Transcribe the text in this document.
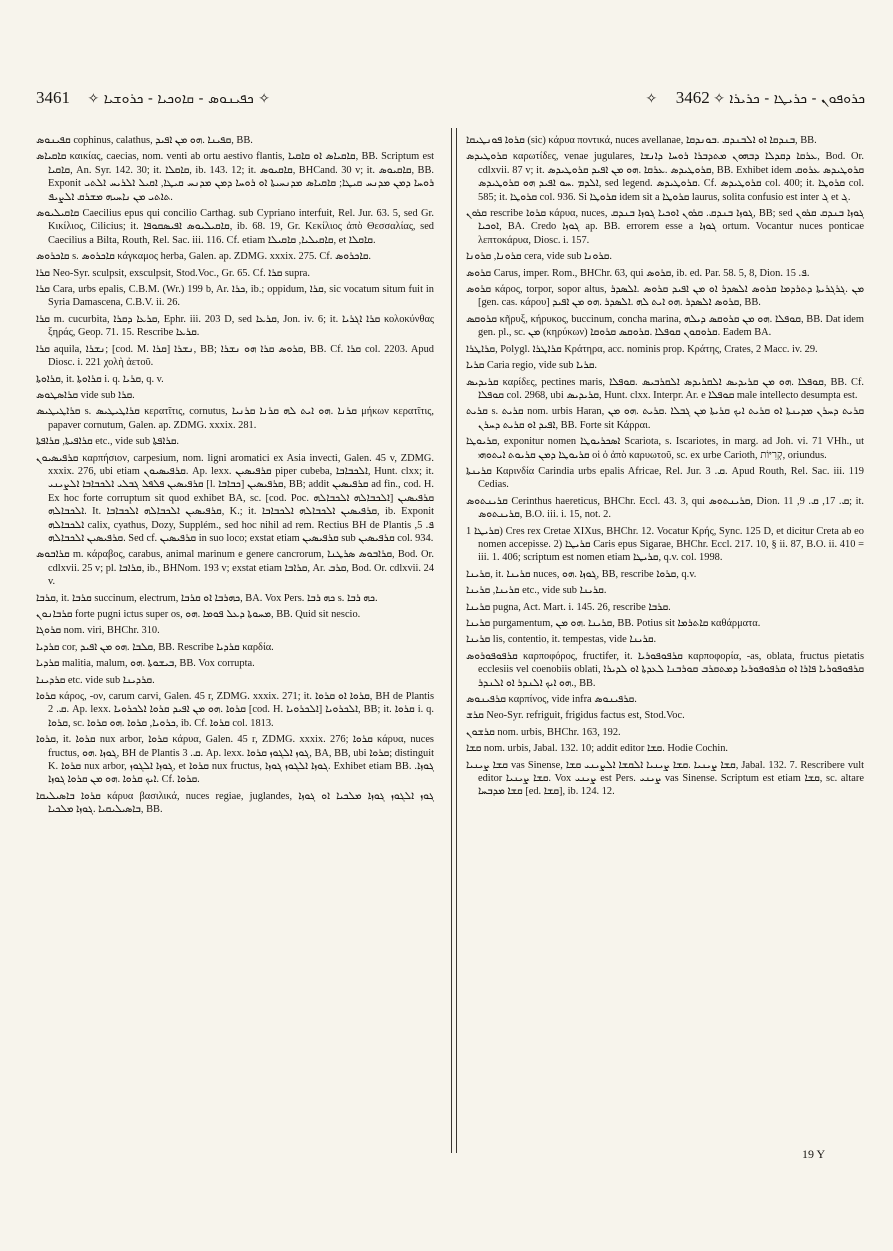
3461 ✧ ܟܦܝܢܘܣ - ܩܐܘܟܝܐ - ܟܪܘܫܝܐ ✧	✧ ܟܪܘܦܘܢ - ܟܪܝܛܐ - ܟܪܝܪܐ ✧ 3462

ܩܦܝܢܘܣ cophinus, calathus, ܩܦܝܢܐ .ܗܘ ܡܢ ܐܦܝܕ, BB.

ܩܐܩܝܐܣ καικίας, caecias, nom. venti ab ortu aestivo flantis, ܩܐܩܝܐܣ ܐܘ ܩܐܩܝܐ, BB. Scriptum est ܩܐܩܝܐ, An. Syr. 142. 30; it. ܩܐܩܠܐ, ib. 143. 12; it. ܩܐܩܝܘܣ, BHCand. 30 v; it. ܩܐܩܝܘܣ, BB. Exponit ܪܘܚܐ ܕܡܢ ܡܕܢܚ ܩܝܛܐ; ܩܐܩܝܐܣ ܡܕܢܚܝܬܐ ܐܘ ܪܘܚܐ ܕܡܢ ܡܕܢܚ ܩܝܛܐ, ܐܩܝܠ ܐܠܪܝܚ ܐܠܬܝ ܬܐܬܝ ܡܢ ܢܐܚܝܗ ܡܫܪܩ ܐܠܨܝܦ.

ܩܐܩܝܠܝܘܣ Caecilius epus qui concilio Carthag. sub Cypriano interfuit, Rel. Jur. 63. 5, sed Gr. Κικίλιος, Cilicius; it. ܩܐܩܝܠܝܘܣ ܐܦܝܣܩܘܦܐ, ib. 68. 19, Gr. Κεκίλιος ἀπὸ Θεσσαλίας, sed Caecilius a Bilta, Routh, Rel. Sac. iii. 116. Cf. etiam ܩܐܩܝܠܝܐ, ܩܐܩܝܠܐ, et ܩܐܩܠܐ.

ܩܐܟܪܘܣ s. ܩܐܟܪܘܣ κάγκαμος herba, Galen. ap. ZDMG. xxxix. 275. Cf. ܩܐܟܪܘܣ.

ܩܪܐ Neo-Syr. sculpsit, exsculpsit, Stod.Voc., Gr. 65. Cf. ܩܪܐ supra.

ܩܪܐ Cara, urbs epalis, C.B.M. (Wr.) 199 b, Ar. ܟܪܐ, ib.; oppidum, ܩܪܐ, sic vocatum situm fuit in Syria Damascena, C.B.V. ii. 26.

ܩܪܐ m. cucurbita, ܩܪܥܐ ܕܩܪܐ, Ephr. iii. 203 D, sed ܩܪܥܐ, Jon. iv. 6; it. ܩܪܐ ܐܓܪܝܐ κολοκύνθας ξηράς, Geop. 71. 15. Rescribe ܩܪܥܐ.

ܩܪܐ aquila, ܢܫܪܐ; [cod. M. ܩܪܐ] ܢܫܪܐ, BB; ܩܪܘܣ ܩܪܐ ܗܘ ܢܫܪܐ, BB. Cf. ܩܪܐ col. 2203. Apud Diosc. i. 221 χολὴ ἀετοῦ.

ܩܪܐܘܬܐ, it. ܩܪܐܘܬܐ i. q. ܩܪܝܐ, q. v.

ܩܪܐܣܛܘܣ vide sub ܩܪܐ.

ܩܪܐܛܝܛܝܣ s. ܩܪܐܛܝܛܝܣ κερατῖτις, cornutus, ܩܪܢܐ .ܗܘ ܐܝܬ ܠܗ ܩܪܢܐ ܩܪܢܝܐ μήκων κερατῖτις, papaver cornutum, Galen. ap. ZDMG. xxxix. 281.

ܩܪܐܦܝܬܐ, ܩܪܐܦܬܐ etc., vide sub ܩܪܐܦܬܐ.

ܩܪܦܝܣܝܘܢ καρπήσιον, carpesium, nom. ligni aromatici ex Asia invecti, Galen. 45 v, ZDMG. xxxix. 276, ubi etiam ܩܪܦܝܣܝܘܢ. Ap. lexx. ܩܪܦܝܣܝܢ piper cubeba, ܐܠܟܒܐܒܐ, Hunt. clxx; it. ܩܪܦܝܣܝܢ ܦܠܦܠ ܓܒܠܝ ܐܠܟܒܐܒܐ ܐܠܨܝܢܝ [l. ܟܒܐܒܐ] ܩܪܦܝܣܝܢ, BB; addit ܩܪܦܝܣܝܢ ad fin., cod. H. Ex hoc forte corruptum sit quod exhibet BA, sc. [cod. Poc. ܐܠܟܒܐܠܗ ܐܠܟܒܐܠܗ] ܩܪܦܝܣܝܢ ܐܠܟܒܐܠܗ. It. ܩܪܦܝܣܝܢ ܐܠܟܒܐܠܗ ܐܠܟܒܐܒܐ, K.; it. ܩܪܦܝܣܝܢ ܐܠܟܒܐܠܗ ܐܠܟܒܐܒܐ, ib. Exponit ܐܠܟܒܐܠܗ calix, cyathus, Dozy, Supplém., sed hoc nihil ad rem. Rectius BH de Plantis ܦ. 5, ܩܪܦܝܣܝܢ ܐܠܟܒܐܠܗ. Sed cf. ܩܪܦܝܣܝܢ in suo loco; exstat etiam ܩܪܦܝܣܝܢ sub ܩܪܦܝܣܝܢ col. 934.

ܩܪܐܒܘܣ m. κάραβος, carabus, animal marinum e genere cancrorum, ܩܪܐܒܘܣ ܣܪܛܢܐ, Bod. Or. cdlxvii. 25 v; pl. ܩܪܐܒܐ, ib., BHNom. 193 v; exstat etiam ܩܪܐܒܐ, Ar. ܩܪܒ, Bod. Or. cdlxvii. 24 v.

ܩܪܒܐ, it. ܩܪܒܐ succinum, electrum, ܟܗܪܒܐ ܐܘ ܩܪܒܐ, BA. Vox Pers. ܟܗ ܪܒܐ s. ܟܗ ܪܒܐ.

ܩܪܒܐܢܘܢ forte pugni ictus super os, ܡܚܘܬܐ ܕܥܠ ܦܘܡܐ .ܗܘ, BB. Quid sit nescio.

ܩܪܘܓܐ nom. viri, BHChr. 310.

ܩܪܕܝܐ cor, ܩܠܒܐ .ܗܘ ܡܢ ܐܦܝܕ, BB. Rescribe ܩܪܕܝܐ καρδία.

ܩܪܕܝܐ malitia, malum, ܒܝܫܘܬܐ .ܗܘ, BB. Vox corrupta.

ܩܪܕܝܢܐ etc. vide sub ܩܪܕܝܢܐ.

ܩܪܘܐ κάρος, -ον, carum carvi, Galen. 45 r, ZDMG. xxxix. 271; it. ܩܪܘܐ ܐܘ ܩܪܘܐ, BH de Plantis ܩ. 2. Ap. lexx. ܩܪܘܐ .ܗܘ ܡܢ ܐܦܝܕ ܩܪܘܐ ܐܠܟܪܘܝܐ [cod. H. ܐܠܟܪܘܝܐ] ܐܠܟܪܘܝܐ, BB; it. ܩܪܘܐ i. q. ܩܪܘܐ, sc. ܟܪܘܝܐ, ܩܪܘܐ .ܗܘ ܩܪܘܐ, ib. Cf. ܩܪܘܐ col. 1813.

ܩܪܘܐ, it. ܩܪܘܐ nux arbor, ܩܪܘܐ κάρυα, Galen. 45 r, ZDMG. xxxix. 276; ܩܪܘܐ κάρυα, nuces fructus, ܓܘܙܐ .ܗܘ, BH de Plantis ܩ. 3. Ap. lexx. ܓܘܙ ܐܠܓܘܙ ܩܪܘܐ, BA, BB, ubi ܩܪܘܐ; distinguit K. ܩܪܘܐ nux arbor, ܓܘܙܐ ܐܠܓܘܙ, et ܩܪܘܐ nux fructus, ܓܘܙܐ ܐܠܓܘܙ ܓܘܙܐ. Exhibet etiam BB. .ܓܘܙܐ ܐܝܟ ܩܪܘܐ .ܗܘ ܡܢ ܩܪܘܐ ܓܘܙܐ. Cf. ܩܪܘܐ.

ܩܪܘܐ ܒܐܣܝܠܝܩܐ κάρυα βασιλικά, nuces regiae, juglandes, ܓܘܙ ܐܠܓܘܙ ܓܘܙܐ ܡܠܟܝܐ ܐܘ ܓܘܙܐ ܒܐܣܝܠܝܩܝܐ .ܓܘܙܐ ܡܠܟܝܐ, BB.

ܩܪܘܐ ܦܘܢܛܝܩܐ (sic) κάρυα ποντικά, nuces avellanae, ܒܢܕܩܐ ܐܘ ܐܠܒܢܕܩ .ܒܘܢܕܩܐ, BB.

ܩܪܘܛܝܕܣ καρωτίδες, venae jugulares, ܥܪܩܐ ܕܩܕܠܐ ܕܒܗܘܢ ܡܬܕܒܪܐ ܪܘܚܐ ܕܐܢܫܐ, Bod. Or. cdlxvii. 87 v; it. ܩܪܘܛܝܕܣ .ܥܪܩܐ .ܗܘ ܡܢ ܐܦܝܕ ܩܪܘܛܝܕܣ, BB. Exhibet idem ܩܪܘܛܝܕܣ ܥܪܘܩ ܐܠܕܡ .ܚܘ ܐܦܝܕ ܗܘ ܩܪܘܛܝܕܣ, sed legend. ܩܪܘܛܝܕܣ. Cf. ܩܪܘܛܝܕܣ col. 400; it. ܩܪܘܛܐ col. 585; it. ܩܪܘܛܐ col. 936. Si ܩܪܘܛܐ idem sit a ܩܪܘܛܐ laurus, solita confusio est inter ܓ et ܓ.

ܩܪܘܢ rescribe ܩܪܘܐ κάρυα, nuces, ܓܘܙܐ ܒܢܕܩ. ܩܪܘܢ ܐܘܟܝܐ ܓܘܙܐ ܒܢܕܩ, BB; sed ܓܘܙܐ ܒܢܕܩ ܩܪܘܢ ܐܘܟܝܐ, BA. Credo ܓܘܙܐ ap. BB. errorem esse a ܓܘܙܐ ortum. Vocantur nuces ponticae λεπτοκάρυα, Diosc. i. 157.

ܩܪܘܢܐ, ܩܪܘܢܐ cera, vide sub ܩܪܘܢܐ.

ܩܪܘܣ Carus, imper. Rom., BHChr. 63, qui ܩܪܘܣ, ib. ed. Par. 58. 5, 8, Dion. ܦ. 15.

ܩܪܘܣ κάρος, torpor, sopor altus, ܡܢ .ܓܪܓܪܝܬܐ ܕܬܪܕܡܐ ܩܪܘܣ ܐܠܣܕܪ ܐܘ ܡܢ ܐܦܝܕ ܩܪܘܣ .ܐܠܣܕܪ [gen. cas. κάρου] ܩܪܘܣ ܐܠܣܕܪ .ܗܘ ܐܝܬ ܠܗ .ܐܠܣܕܪ .ܗܘ ܡܢ ܐܦܝܕ, BB.

ܩܪܘܩܣ κῆρυξ, κήρυκος, buccinum, concha marina, ܩܘܦܠܐ .ܗܘ ܡܢ ܩܪܘܩܣ ܕܝܠܗ, BB. Dat idem gen. pl., sc. ܡܢ (κηρύκων) ܩܪܘܩܘܢ ܩܘܦܠܐ .ܩܪܘܩܣ ܩܪܘܩܐ. Eadem BA.

ܩܪܐܛܪܐ, Polygl. ܩܪܐܛܪܐ Κράτηρα, acc. nominis prop. Κράτης, Crates, 2 Macc. iv. 29.

ܩܪܝܐ Caria regio, vide sub ܩܪܝܐ.

ܩܪܝܕܝܣ καρίδες, pectines maris, ܩܘܦܠܐ .ܗܘ ܡܢ ܩܪܝܕܝܣ ܐܠܩܪܝܕܣ ܐܠܩܪܒܝܣ .ܩܘܦܠܐ, BB. Cf. ܩܘܦܠܐ col. 2968, ubi ܩܪܝܕܝܣ, Hunt. clxx. Interpr. Ar. e ܩܘܦܠܐ male intellecto desumpta est.

ܩܪܝܬ s. ܩܪܝܬ nom. urbis Haran, ܩܪܝܬ ܕܚܪܢ ܡܕܝܢܬܐ ܐܘ ܩܪܝܬ ܐܝܟ ܩܪܝܬܐ ܡܢ ܓܒܠܐ .ܩܪܝܬ .ܗܘ ܡܢ ܐܦܝܕ ܐܘ ܩܪܝܬ ܕܚܪܢ, BB. Forte sit Κάρραι.

ܩܪܝܘܛܐ, exponitur nomen ܐܣܟܪܝܘܛܐ Scariota, s. Iscariotes, in marg. ad Joh. vi. 71 VHh., ut ܩܪܝܘܛܐ ܕܡܢ ܩܪܝܘܬ ܐܝܬܘܗܝ οἱ ὁ ἀπὸ καρυωτοῦ, sc. ex urbe Carioth, קְרִיּוֹת, oriundus.

ܩܪܝܢܬܐ Καρινδία Carindia urbs epalis Africae, Rel. Jur. ܩ. 3. Apud Routh, Rel. Sac. iii. 119 Cedias.

ܩܪܝܢܬܘܣ Cerinthus haereticus, BHChr. Eccl. 43. 3, qui ܩܪܝܢܬܘܣ, Dion. ܩ. 17, ܩ. 9, 11; it. ܩܪܝܢܬܘܣ, B.O. iii. i. 15, not. 2.

ܩܪܝܛܐ 1) Cres rex Cretae XIXus, BHChr. 12. Vocatur Κρής, Sync. 125 D, et dicitur Creta ab eo nomen accepisse. 2) ܩܪܝܛܐ Caris epus Sigarae, BHChr. Eccl. 217. 10, § ii. 87, B.O. ii. 410 = iii. 1. 406; scriptum est nomen etiam ܩܪܝܛܐ, q.v. col. 1998.

ܩܪܝܢܐ, it. ܩܪܝܢܐ nuces, ܓܘܙܐ .ܗܘ, BB, rescribe ܩܪܘܐ, q.v.

ܩܪܝܢܐ, ܩܪܝܢܐ etc., vide sub ܩܪܝܢܐ.

ܩܪܝܢܐ pugna, Act. Mart. i. 145. 26, rescribe ܩܪܒܐ.

ܩܪܝܢܐ purgamentum, ܩܪܝܢܐ .ܗܘ ܡܢ, BB. Potius sit ܩܐܬܪܡܐ καθάρματα.

ܩܪܝܢܐ lis, contentio, it. tempestas, vide ܩܪܝܢܐ.

ܩܪܦܘܦܘܪܘܣ καρποφόρος, fructifer, it. ܩܪܦܘܦܘܪܝܐ καρποφορία, -as, oblata, fructus pietatis ecclesiis vel coenobiis oblati, ܩܪܦܘܦܘܪܝܐ ܦܐܪܐ ܐܘ ܩܪܦܘܦܘܪܝܐ ܕܡܬܩܪܒ ܩܘܪܒܢܐ ܠܥܕܬܐ ܐܘ ܠܕܝܪܐ .ܗܘ ܐܝܟ ܐܠܢܕܪ ܐܘ ܐܠܢܕܪ, BB.

ܩܪܦܝܢܘܣ καρπίνος, vide infra ܩܪܦܝܢܘܣ.

ܩܪܫ Neo-Syr. refriguit, frigidus factus est, Stod.Voc.

ܩܪܫܘܢ nom. urbis, BHChr. 163, 192.

ܩܫܐ nom. urbis, Jabal. 132. 10; addit editor ܩܫܐ. Hodie Cochin.

ܩܫܐ ܨܝܢܝܐ vas Sinense, ܩܫܐ ܨܝܢܝܐ .ܩܫܐ ܨܝܢܝܐ ܐܠܩܫܐ ܐܠܨܝܢܝ ܩܫܐ, Jabal. 132. 7. Rescribere vult editor ܩܫܐ ܨܝܢܝܐ. Vox ܨܝܢܝ est Pers. ܨܝܢܝ vas Sinense. Scriptum est etiam ܩܫܐ, sc. altare ܩܫܐ ܡܕܒܚܐ [ed. ܩܫܐ], ib. 124. 12.

19 Y
